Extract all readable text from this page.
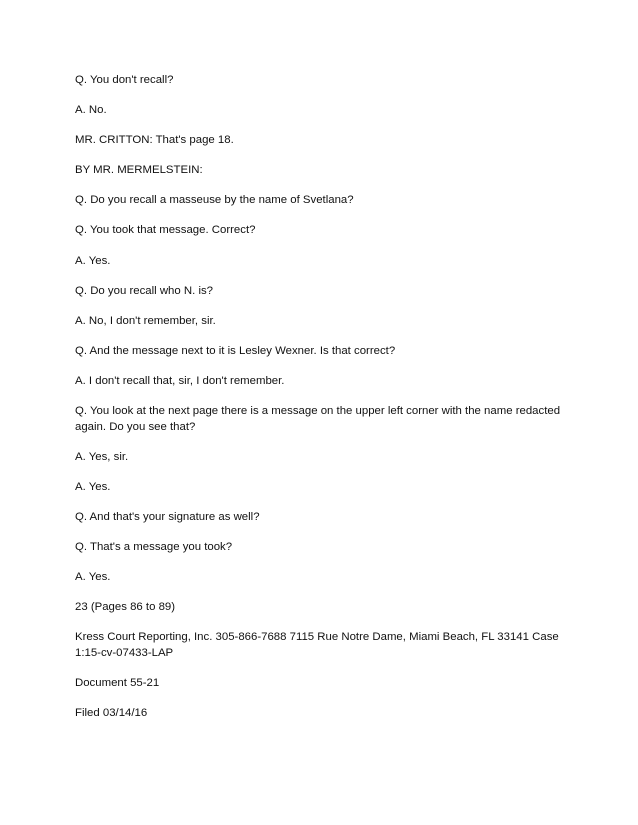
Q. You don't recall?

A. No.

MR. CRITTON: That's page 18.

BY MR. MERMELSTEIN:

Q. Do you recall a masseuse by the name of Svetlana?

Q. You took that message. Correct?

A. Yes.

Q. Do you recall who N. is?

A. No, I don't remember, sir.

Q. And the message next to it is Lesley Wexner. Is that correct?

A. I don't recall that, sir, I don't remember.

Q. You look at the next page there is a message on the upper left corner with the name redacted again. Do you see that?

A. Yes, sir.

A. Yes.

Q. And that's your signature as well?

Q. That's a message you took?

A. Yes.

23 (Pages 86 to 89)

Kress Court Reporting, Inc. 305-866-7688 7115 Rue Notre Dame, Miami Beach, FL 33141 Case 1:15-cv-07433-LAP

Document 55-21

Filed 03/14/16
